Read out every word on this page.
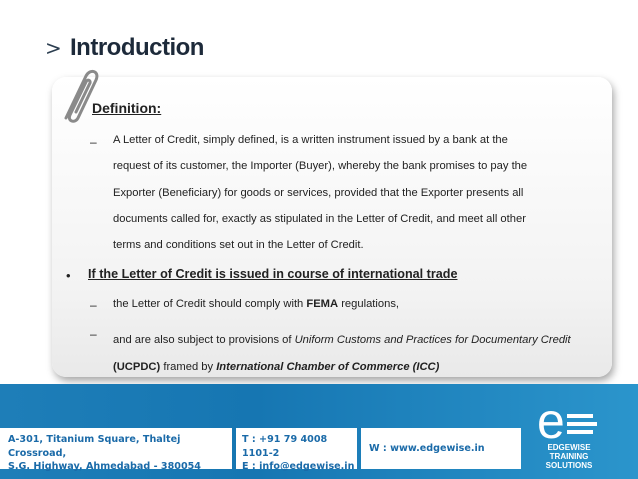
> Introduction
Definition:
– A Letter of Credit, simply defined, is a written instrument issued by a bank at the
request of its customer, the Importer (Buyer), whereby the bank promises to pay the
Exporter (Beneficiary) for goods or services, provided that the Exporter presents all
documents called for, exactly as stipulated in the Letter of Credit, and meet all other
terms and conditions set out in the Letter of Credit.
• If the Letter of Credit is issued in course of international trade
– the Letter of Credit should comply with FEMA regulations,
– and are also subject to provisions of Uniform Customs and Practices for Documentary Credit (UCPDC) framed by International Chamber of Commerce (ICC)
A-301, Titanium Square, Thaltej Crossroad,
S.G. Highway, Ahmedabad - 380054
T : +91 79 4008 1101-2
E : info@edgewise.in
W : www.edgewise.in	e
EDGEWISE
TRAINING
SOLUTIONS
